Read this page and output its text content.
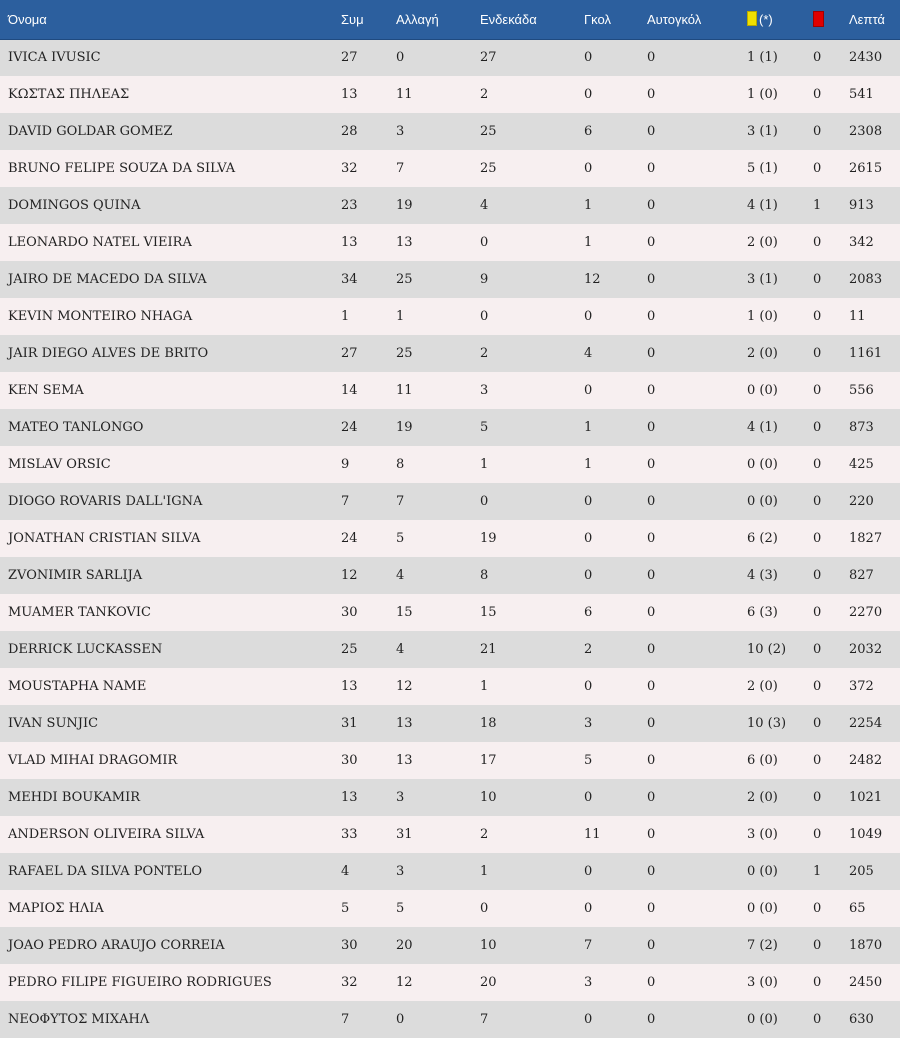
Όνομα	Συμ	Αλλαγή	Ενδεκάδα	Γκολ	Αυτογκόλ	(*)		Λεπτά
IVICA IVUSIC	27	0	27	0	0	1 (1)	0	2430
ΚΩΣΤΑΣ ΠΗΛΕΑΣ	13	11	2	0	0	1 (0)	0	541
DAVID GOLDAR GOMEZ	28	3	25	6	0	3 (1)	0	2308
BRUNO FELIPE SOUZA DA SILVA	32	7	25	0	0	5 (1)	0	2615
DOMINGOS QUINA	23	19	4	1	0	4 (1)	1	913
LEONARDO NATEL VIEIRA	13	13	0	1	0	2 (0)	0	342
JAIRO DE MACEDO DA SILVA	34	25	9	12	0	3 (1)	0	2083
KEVIN MONTEIRO NHAGA	1	1	0	0	0	1 (0)	0	11
JAIR DIEGO ALVES DE BRITO	27	25	2	4	0	2 (0)	0	1161
KEN SEMA	14	11	3	0	0	0 (0)	0	556
MATEO TANLONGO	24	19	5	1	0	4 (1)	0	873
MISLAV ORSIC	9	8	1	1	0	0 (0)	0	425
DIOGO ROVARIS DALL'IGNA	7	7	0	0	0	0 (0)	0	220
JONATHAN CRISTIAN SILVA	24	5	19	0	0	6 (2)	0	1827
ZVONIMIR SARLIJA	12	4	8	0	0	4 (3)	0	827
MUAMER TANKOVIC	30	15	15	6	0	6 (3)	0	2270
DERRICK LUCKASSEN	25	4	21	2	0	10 (2)	0	2032
MOUSTAPHA NAME	13	12	1	0	0	2 (0)	0	372
IVAN SUNJIC	31	13	18	3	0	10 (3)	0	2254
VLAD MIHAI DRAGOMIR	30	13	17	5	0	6 (0)	0	2482
MEHDI BOUKAMIR	13	3	10	0	0	2 (0)	0	1021
ANDERSON OLIVEIRA SILVA	33	31	2	11	0	3 (0)	0	1049
RAFAEL DA SILVA PONTELO	4	3	1	0	0	0 (0)	1	205
ΜΑΡΙΟΣ ΗΛΙΑ	5	5	0	0	0	0 (0)	0	65
JOAO PEDRO ARAUJO CORREIA	30	20	10	7	0	7 (2)	0	1870
PEDRO FILIPE FIGUEIRO RODRIGUES	32	12	20	3	0	3 (0)	0	2450
ΝΕΟΦΥΤΟΣ ΜΙΧΑΗΛ	7	0	7	0	0	0 (0)	0	630
